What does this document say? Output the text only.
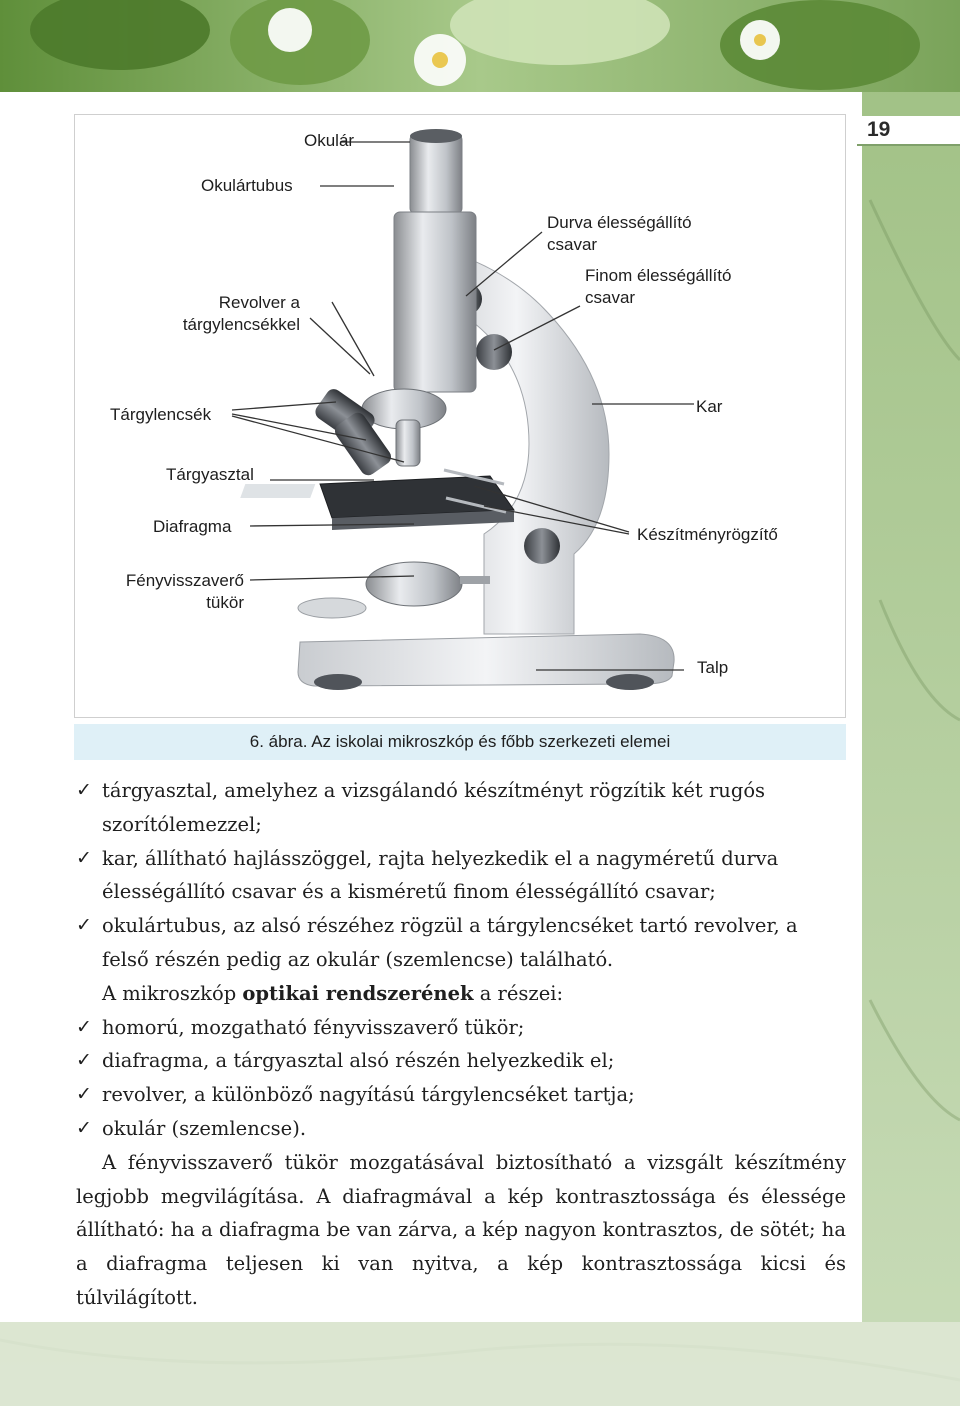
19
Okulár
Okulártubus
Durva élességállító
csavar
Finom élességállító
csavar
Revolver a
tárgylencsékkel
Tárgylencsék	Kar
Tárgyasztal
Diafragma	Készítményrögzítő
Fényvisszaverő
tükör
Talp
6. ábra. Az iskolai mikroszkóp és főbb szerkezeti elemei

✓ tárgyasztal, amelyhez a vizsgálandó készítményt rögzítik két rugós szorítólemezzel;

✓ kar, állítható hajlásszöggel, rajta helyezkedik el a nagyméretű durva élességállító csavar és a kisméretű finom élességállító csavar;

✓ okulártubus, az alsó részéhez rögzül a tárgylencséket tartó revolver, a felső részén pedig az okulár (szemlencse) található.

A mikroszkóp optikai rendszerének a részei:

✓ homorú, mozgatható fényvisszaverő tükör;

✓ diafragma, a tárgyasztal alsó részén helyezkedik el;

✓ revolver, a különböző nagyítású tárgylencséket tartja;

✓ okulár (szemlencse).

A fényvisszaverő tükör mozgatásával biztosítható a vizsgált készítmény legjobb megvilágítása. A diafragmával a kép kontrasztossága és élessége állítható: ha a diafragma be van zárva, a kép nagyon kontrasztos, de sötét; ha a diafragma teljesen ki van nyitva, a kép kontrasztossága kicsi és túlvilágított.
